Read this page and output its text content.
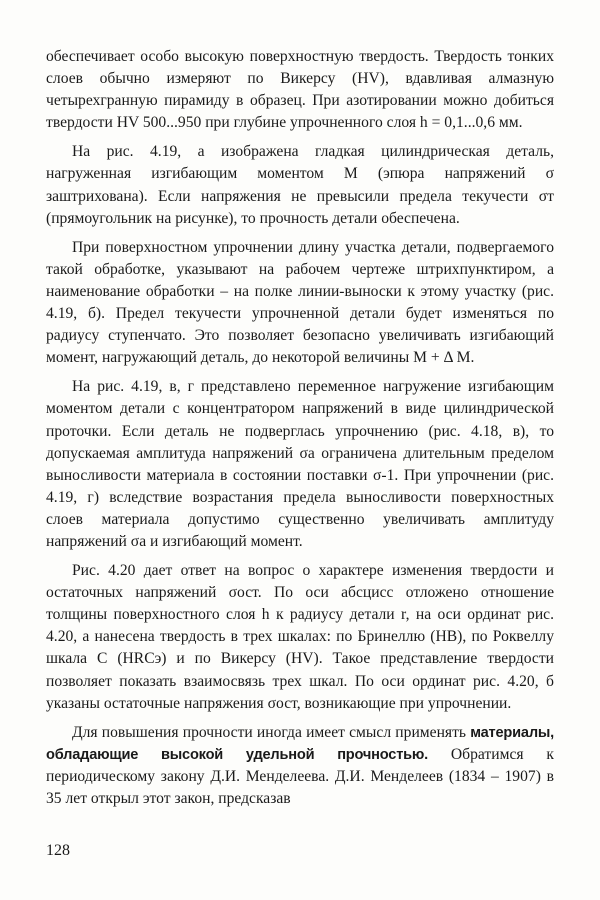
обеспечивает особо высокую поверхностную твердость. Твердость тонких слоев обычно измеряют по Викерсу (HV), вдавливая алмазную четырехгранную пирамиду в образец. При азотировании можно добиться твердости HV 500...950 при глубине упрочненного слоя h = 0,1...0,6 мм.

На рис. 4.19, а изображена гладкая цилиндрическая деталь, нагруженная изгибающим моментом M (эпюра напряжений σ заштрихована). Если напряжения не превысили предела текучести σт (прямоугольник на рисунке), то прочность детали обеспечена.

При поверхностном упрочнении длину участка детали, подвергаемого такой обработке, указывают на рабочем чертеже штрихпунктиром, а наименование обработки – на полке линии-выноски к этому участку (рис. 4.19, б). Предел текучести упрочненной детали будет изменяться по радиусу ступенчато. Это позволяет безопасно увеличивать изгибающий момент, нагружающий деталь, до некоторой величины M + Δ M.

На рис. 4.19, в, г представлено переменное нагружение изгибающим моментом детали с концентратором напряжений в виде цилиндрической проточки. Если деталь не подверглась упрочнению (рис. 4.18, в), то допускаемая амплитуда напряжений σa ограничена длительным пределом выносливости материала в состоянии поставки σ-1. При упрочнении (рис. 4.19, г) вследствие возрастания предела выносливости поверхностных слоев материала допустимо существенно увеличивать амплитуду напряжений σa и изгибающий момент.

Рис. 4.20 дает ответ на вопрос о характере изменения твердости и остаточных напряжений σост. По оси абсцисс отложено отношение толщины поверхностного слоя h к радиусу детали r, на оси ординат рис. 4.20, а нанесена твердость в трех шкалах: по Бринеллю (HB), по Роквеллу шкала C (HRCэ) и по Викерсу (HV). Такое представление твердости позволяет показать взаимосвязь трех шкал. По оси ординат рис. 4.20, б указаны остаточные напряжения σост, возникающие при упрочнении.

Для повышения прочности иногда имеет смысл применять материалы, обладающие высокой удельной прочностью. Обратимся к периодическому закону Д.И. Менделеева. Д.И. Менделеев (1834 – 1907) в 35 лет открыл этот закон, предсказав

128
